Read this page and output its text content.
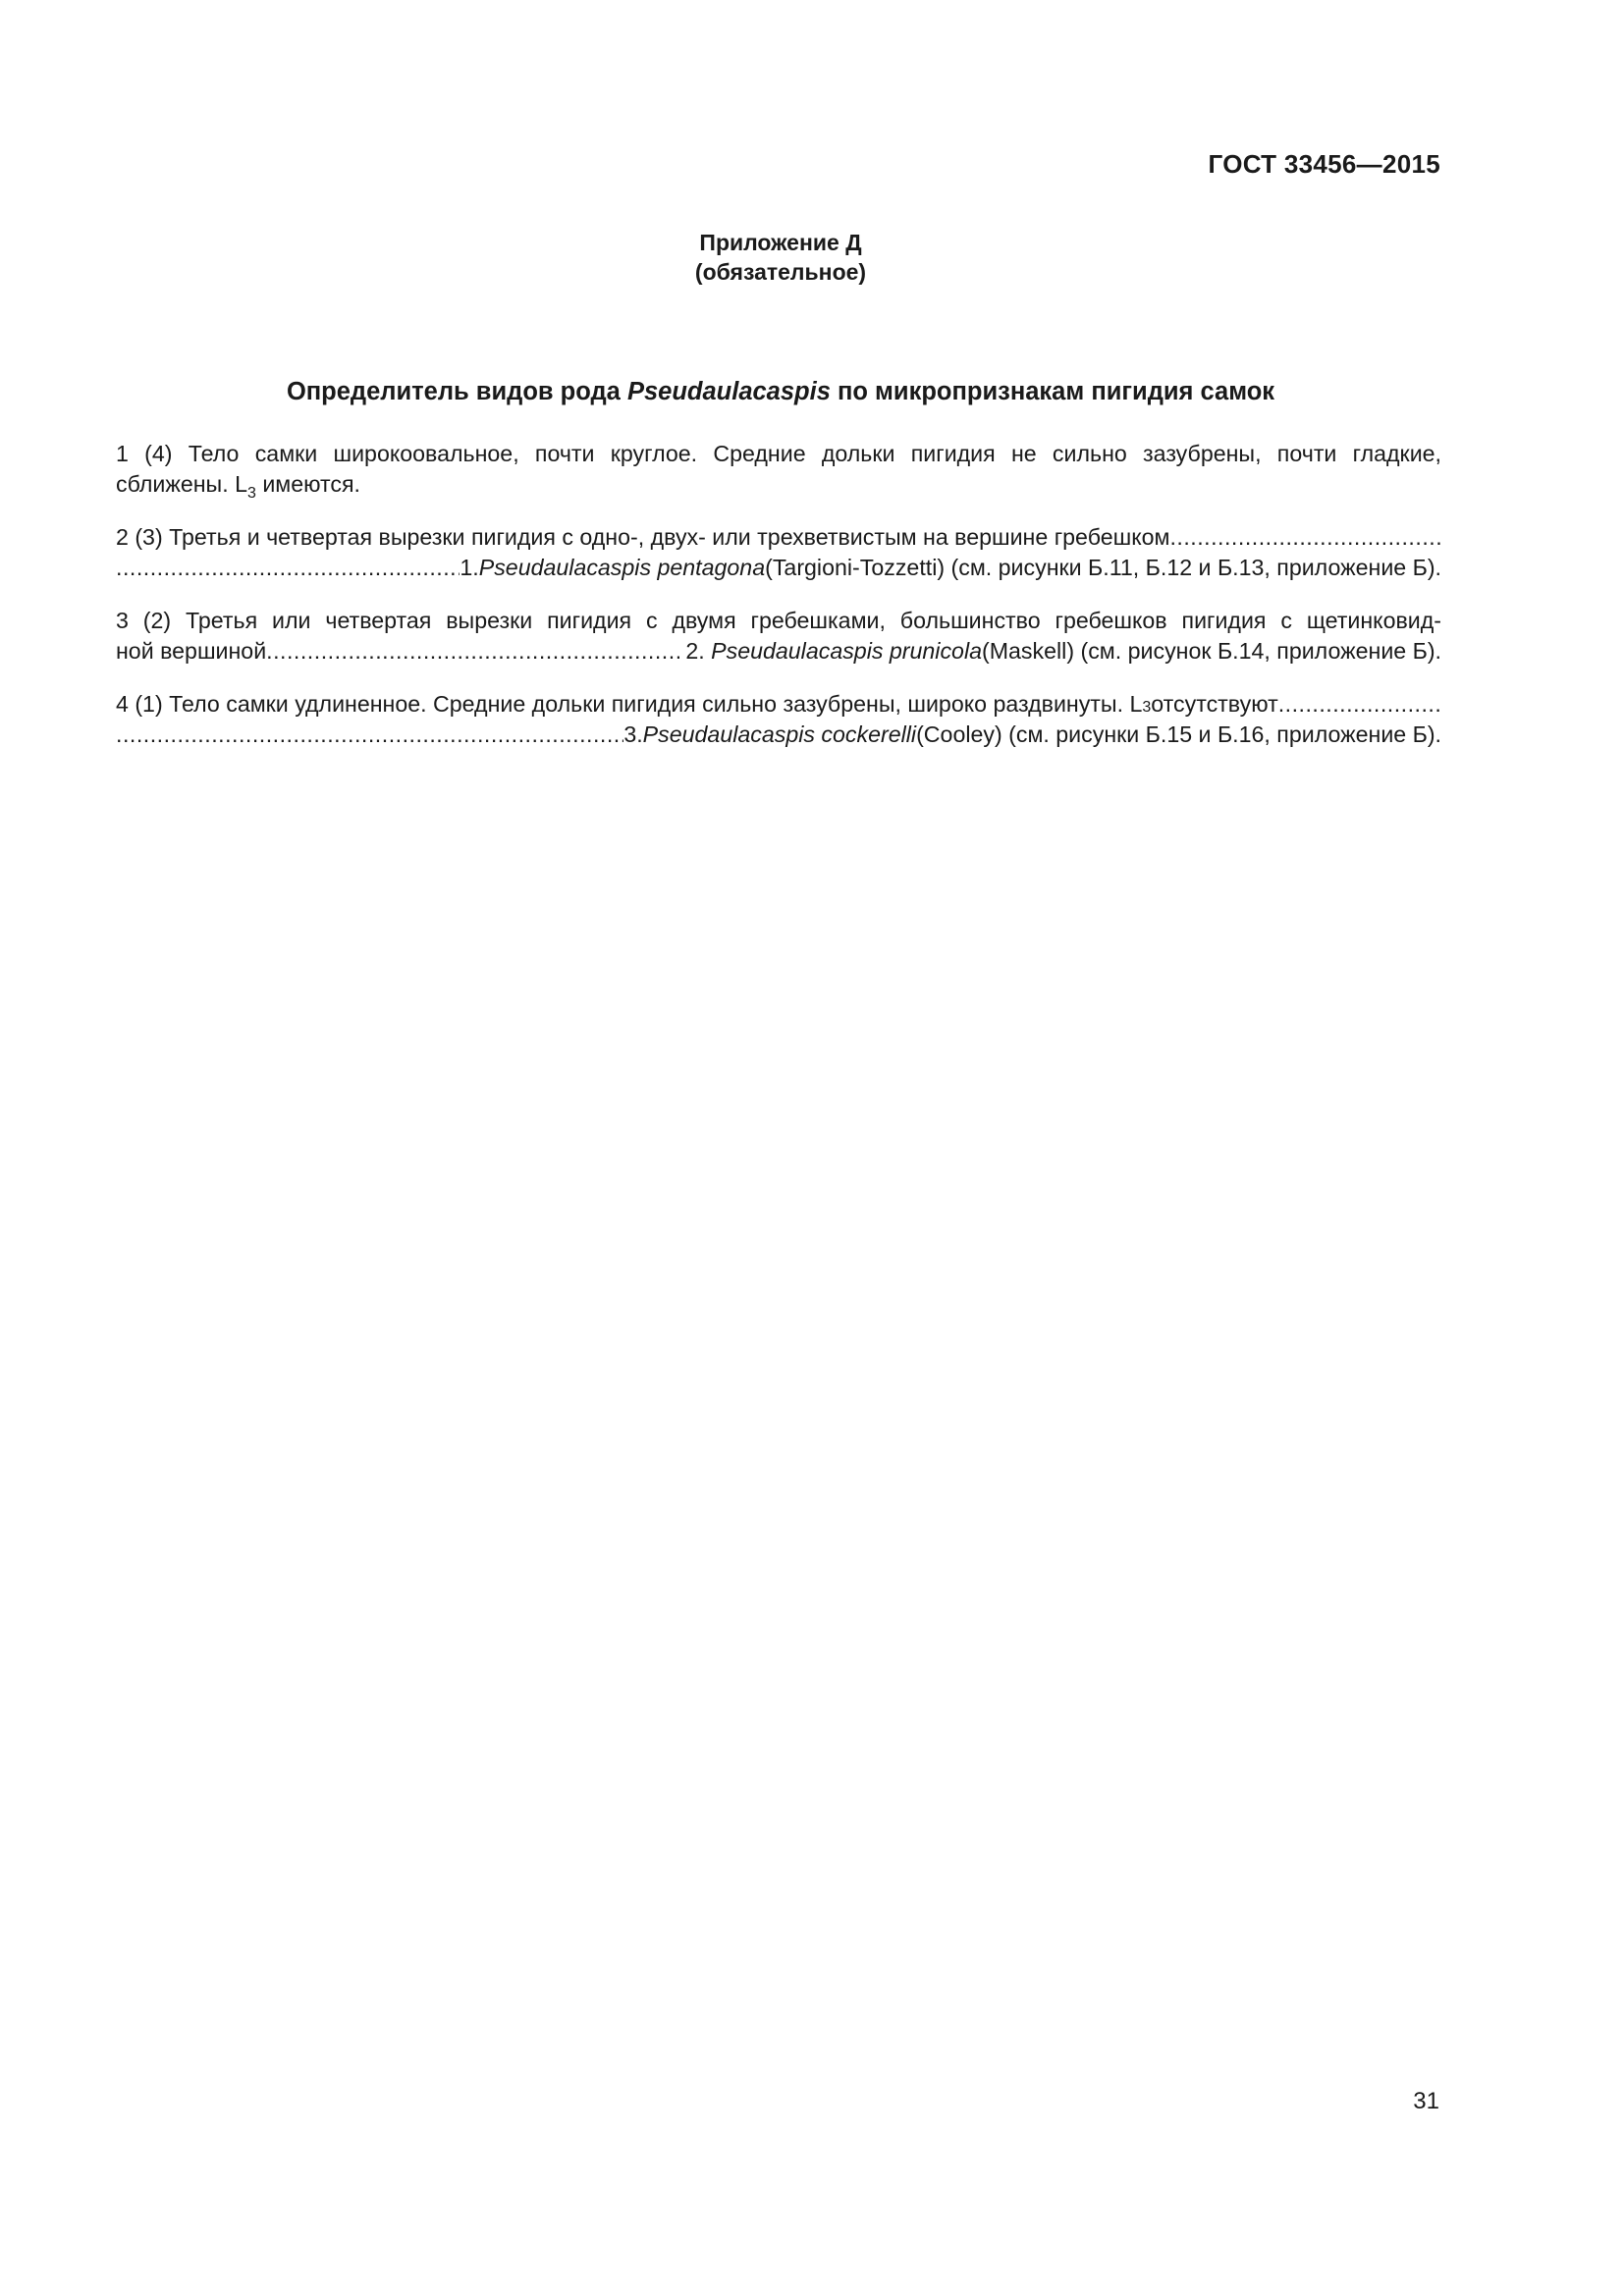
ГОСТ 33456—2015
Приложение Д
(обязательное)
Определитель видов рода Pseudaulacaspis по микропризнакам пигидия самок
1 (4) Тело самки широкоовальное, почти круглое. Средние дольки пигидия не сильно зазубрены, почти гладкие,
сближены. $L_3$ имеются.
2 (3) Третья и четвертая вырезки пигидия с одно-, двух- или трехветвистым на вершине гребешком
.....
.....
1. Pseudaulacaspis pentagona (Targioni-Tozzetti) (см. рисунки Б.11, Б.12 и Б.13, приложение Б).
3 (2) Третья или четвертая вырезки пигидия с двумя гребешками, большинство гребешков пигидия с щетинковид-
ной вершиной
.....	2. Pseudaulacaspis prunicola (Maskell) (см. рисунок Б.14, приложение Б).
4 (1) Тело самки удлиненное. Средние дольки пигидия сильно зазубрены, широко раздвинуты. L 3 отсутствуют
.....
.....
3. Pseudaulacaspis cockerelli (Cooley) (см. рисунки Б.15 и Б.16, приложение Б).
31
